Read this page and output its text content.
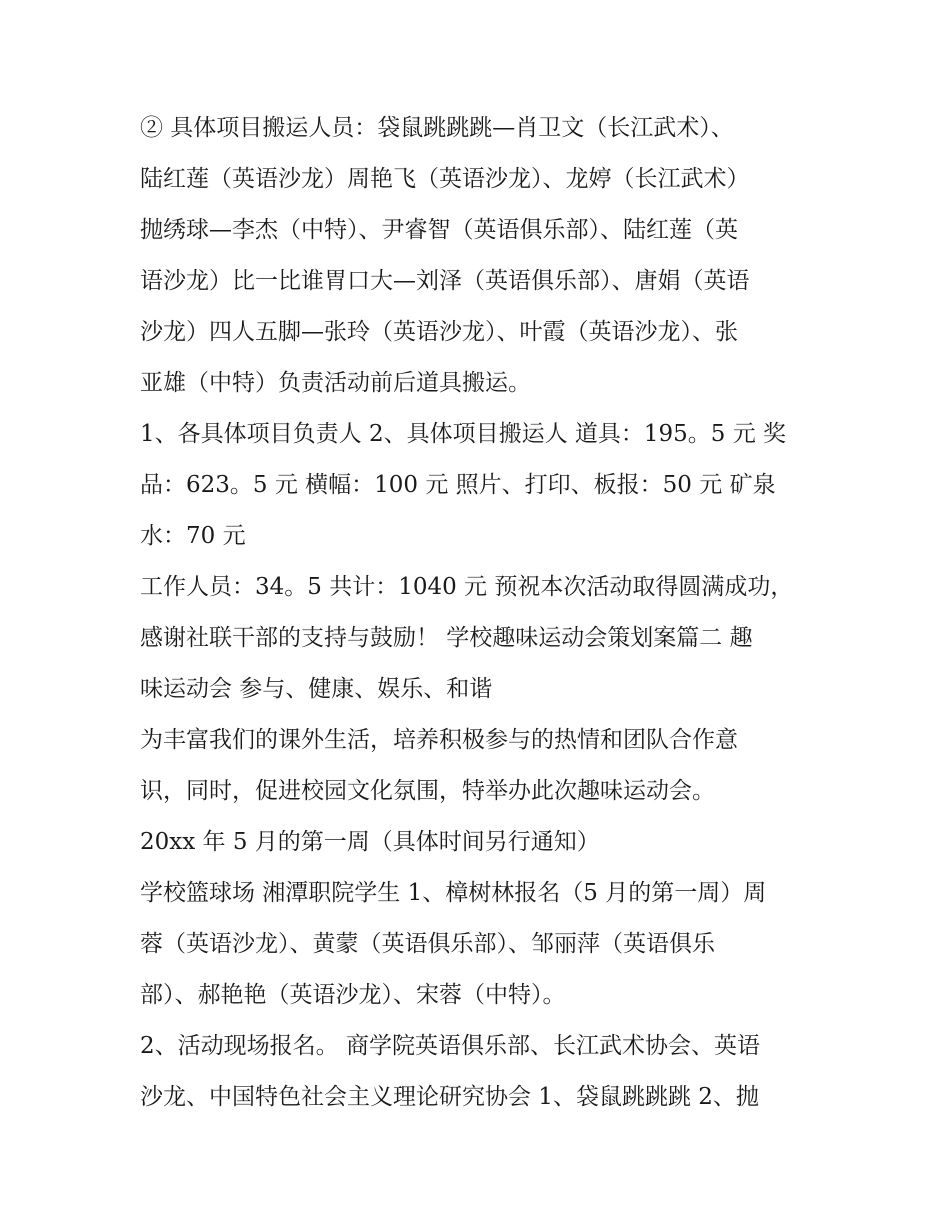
② 具体项目搬运人员：袋鼠跳跳跳—肖卫文（长江武术）、
陆红莲（英语沙龙）周艳飞（英语沙龙）、龙婷（长江武术）
抛绣球—李杰（中特）、尹睿智（英语俱乐部）、陆红莲（英
语沙龙）比一比谁胃口大—刘泽（英语俱乐部）、唐娟（英语
沙龙）四人五脚—张玲（英语沙龙）、叶霞（英语沙龙）、张
亚雄（中特）负责活动前后道具搬运。
1、各具体项目负责人 2、具体项目搬运人 道具：195。5 元 奖
品：623。5 元 横幅：100 元 照片、打印、板报：50 元 矿泉
水：70 元
工作人员：34。5 共计：1040 元 预祝本次活动取得圆满成功，
感谢社联干部的支持与鼓励！ 学校趣味运动会策划案篇二 趣
味运动会 参与、健康、娱乐、和谐
为丰富我们的课外生活，培养积极参与的热情和团队合作意
识，同时，促进校园文化氛围，特举办此次趣味运动会。
20xx 年 5 月的第一周（具体时间另行通知）
学校篮球场 湘潭职院学生 1、樟树林报名（5 月的第一周）周
蓉（英语沙龙）、黄蒙（英语俱乐部）、邹丽萍（英语俱乐
部）、郝艳艳（英语沙龙）、宋蓉（中特）。
2、活动现场报名。 商学院英语俱乐部、长江武术协会、英语
沙龙、中国特色社会主义理论研究协会 1、袋鼠跳跳跳 2、抛
